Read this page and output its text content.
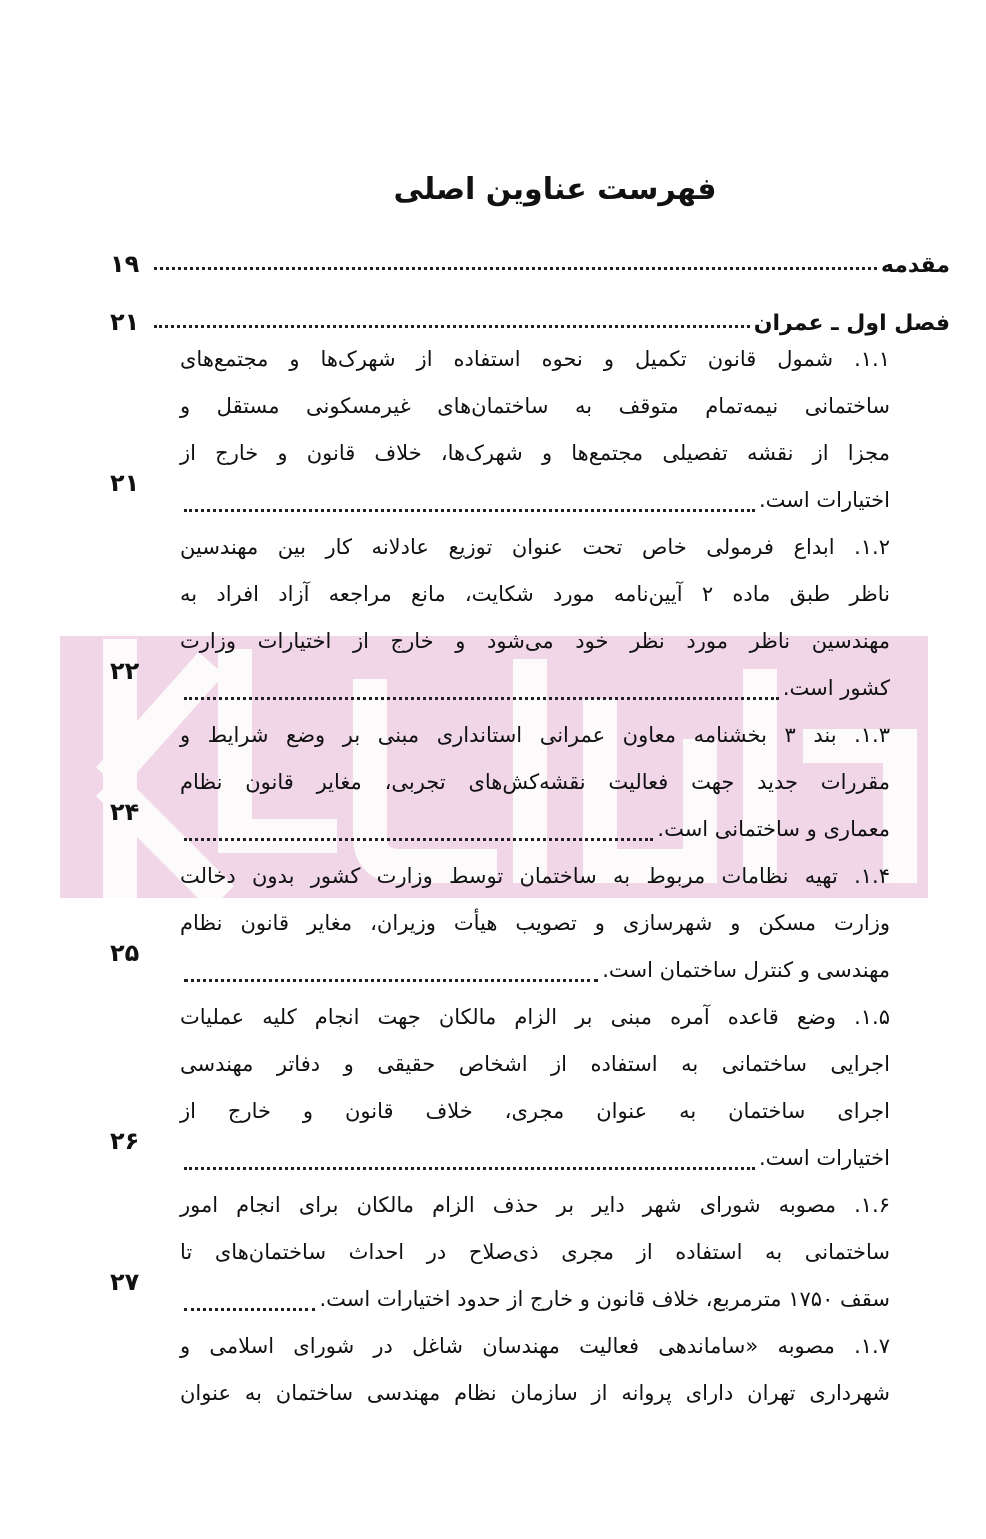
فهرست عناوین اصلی
مقدمه
۱۹
فصل اول ـ عمران
۲۱
۱.۱. شمول قانون تکمیل و نحوه استفاده از شهرک‌ها و مجتمع‌های
ساختمانی نیمه‌تمام متوقف به ساختمان‌های غیرمسکونی مستقل و
مجزا از نقشه تفصیلی مجتمع‌ها و شهرک‌ها، خلاف قانون و خارج از
اختیارات است.
۲۱
۱.۲. ابداع فرمولی خاص تحت عنوان توزیع عادلانه کار بین مهندسین
ناظر طبق ماده ۲ آیین‌نامه مورد شکایت، مانع مراجعه آزاد افراد به
مهندسین ناظر مورد نظر خود می‌شود و خارج از اختیارات وزارت
کشور است.
۲۲
۱.۳. بند ۳ بخشنامه معاون عمرانی استانداری مبنی بر وضع شرایط و
مقررات جدید جهت فعالیت نقشه‌کش‌های تجربی، مغایر قانون نظام
معماری و ساختمانی است.
۲۴
۱.۴. تهیه نظامات مربوط به ساختمان توسط وزارت کشور بدون دخالت
وزارت مسکن و شهرسازی و تصویب هیأت وزیران، مغایر قانون نظام
مهندسی و کنترل ساختمان است.
۲۵
۱.۵. وضع قاعده آمره مبنی بر الزام مالکان جهت انجام کلیه عملیات
اجرایی ساختمانی به استفاده از اشخاص حقیقی و دفاتر مهندسی
اجرای ساختمان به عنوان مجری، خلاف قانون و خارج از
اختیارات است.
۲۶
۱.۶. مصوبه شورای شهر دایر بر حذف الزام مالکان برای انجام امور
ساختمانی به استفاده از مجری ذی‌صلاح در احداث ساختمان‌های تا
سقف ۱۷۵۰ مترمربع، خلاف قانون و خارج از حدود اختیارات است.
۲۷
۱.۷. مصوبه «ساماندهی فعالیت مهندسان شاغل در شورای اسلامی و
شهرداری تهران دارای پروانه از سازمان نظام مهندسی ساختمان به عنوان
